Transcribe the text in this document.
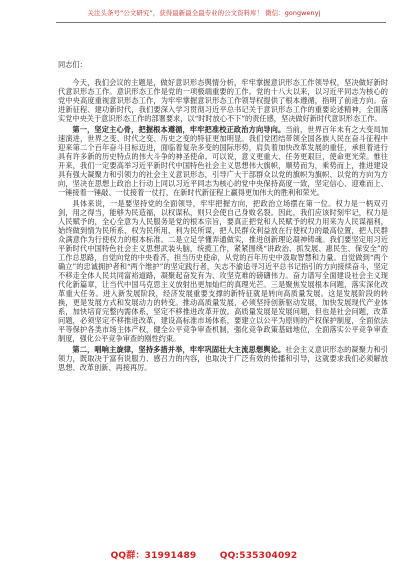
关注头条号“公文研究”，获得最新最全最专业的公文资料库！ 微信：gongwenyj
同志们：

今天，我们会议的主题是，做好意识形态舆情分析，牢牢掌握意识形态工作领导权，坚决做好新时代意识形态工作。意识形态工作是党的一项极端重要的工作。党的十八大以来，以习近平同志为核心的党中央高度重视意识形态工作，为牢牢掌握意识形态工作领导权提供了根本遵循，指明了前进方向。奋进新征程、建功新时代，我们要深入学习贯彻习近平总书记关于意识形态工作的重要论述精神，全面落实党中央关于意识形态工作的部署要求，以“时时放心不下”的责任感，坚决做好新时代意识形态工作。

第一，坚定主心骨，把握根本遵循，牢牢把准校正政治方向导向。当前，世界百年未有之大变局加速演进，世界之变、时代之变、历史之变的特征更加明显。我们党团结带领全国各族人民在奋斗征程中迎来第二个百年奋斗目标迈进，面临着复杂多变的国际形势，肩负着加快改革发展的重任，承担着进行具有许多新的历史特点的伟大斗争的神圣使命。可以说，意义更重大、任务更艰巨，使命更光荣。惟往开来，我们一定要高举习近平新时代中国特色社会主义思想伟大旗帜，顺势而为，乘势而上，推进建设具有强大凝聚力和引领力的社会主义意识形态，引导广大干部群众以党的旗帜为旗帜、以党的方向为方向，坚决在思想上政治上行动上同以习近平同志为核心的党中央保持高度一致，坚定信心、迎难而上、一锤接着一锤敲、一仗接着一仗打，在新时代新征程上赢得更加伟大的胜利和荣光。

具体来说，一是要坚持党的全面领导，牢牢把握方向，把政治立场摆在第一位。权力是一柄双刃剑，用之得当，能够为民造福，以权谋私，则只会使自己身败名裂。因此，我们应该时刻牢记，权力是人民赋予的，全心全意为人民服务是党的根本宗旨，要真正把党和人民赋予的权力用来为人民谋福利，始终做到情为民所系、权为民所用、利为民所谋，把人民群众利益放在行使权力的最高位置，把人民群众满意作为行使权力的根本标准。二是立足学懂弄通做实，推进创新理论凝神铸魂。我们要坚定用习近平新时代中国特色社会主义思想武装头脑，统揽工作，紧紧围绕“讲政治、抓发展、惠民生、保安全”的工作总思路，自觉向党的中央看齐，担当历史使命，从党的百年历史中汲取智慧和力量。自觉做到“两个确立”的忠诚拥护者和“两个维护”的坚定践行者，矢志不渝追寻习近平总书记指引的方向接续奋斗，坚定不移走全体人民共同富裕道路，凝聚起奋发有为、攻坚克难的磅礴伟力。奋力谱写全面建设社会主义现代化新篇章，让当代中国马克思主义放射出更加灿烂的真理光芒。三是聚焦发展根本问题，落实深化改革重大任务。进入新发展阶段，经济发展重要支撑的新特征就是转向高质量发展。这是发展阶段的转换，更是发展方式和发展动力的转变。推动高质量发展，必须坚持创新驱动发展，加快发展现代产业体系，加快培育完整内需体系，坚定不移推进改革开放。高质量发展是发展问题，但也是社会问题，改革问题，必须坚定不移推进改革，建设高标准市场体系，要建立以公平为原则的产权保护制度，全面依法平等保护各类市场主体产权，健全公平竞争审查机制，强化竞争政策基础地位，全面落实公平竞争审查制度，强化公平竞争审查的刚性约束。

第二，唱响主旋律，坚持多措并举，牢牢巩固壮大主流思想舆论。社会主义意识形态的凝聚力和引领力，既取决于富有说服力、感召力的内容，也取决于广泛有效的传播和引导，这就要求我们必须解放思想、改革创新、再接再厉。

QQ群：31991489	QQ:535304092
